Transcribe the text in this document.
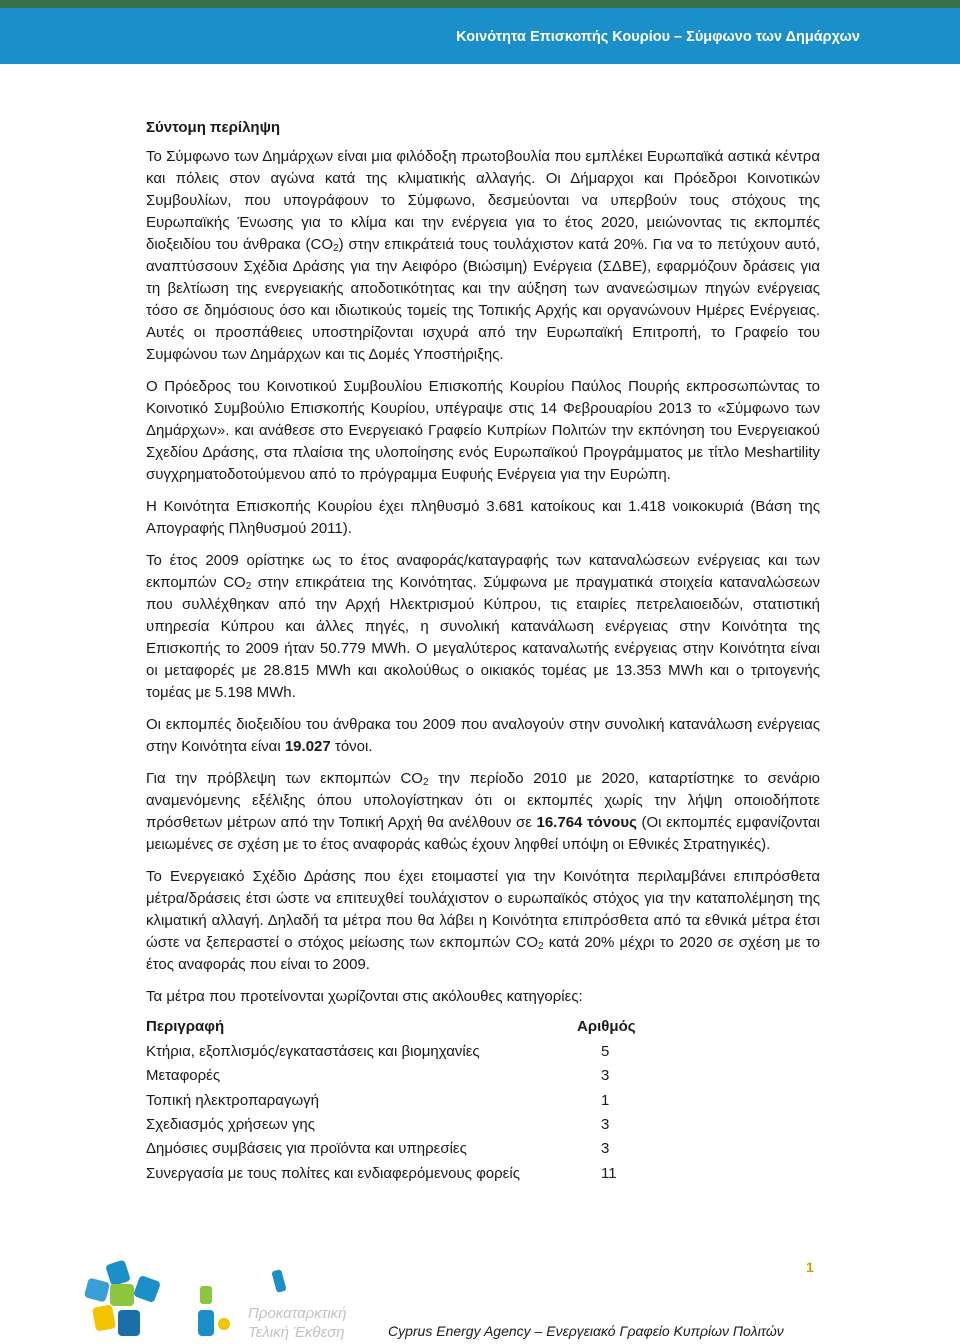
Κοινότητα Επισκοπής Κουρίου – Σύμφωνο των Δημάρχων
Σύντομη περίληψη

Το Σύμφωνο των Δημάρχων είναι μια φιλόδοξη πρωτοβουλία που εμπλέκει Ευρωπαϊκά αστικά κέντρα και πόλεις στον αγώνα κατά της κλιματικής αλλαγής. Οι Δήμαρχοι και Πρόεδροι Κοινοτικών Συμβουλίων, που υπογράφουν το Σύμφωνο, δεσμεύονται να υπερβούν τους στόχους της Ευρωπαϊκής Ένωσης για το κλίμα και την ενέργεια για το έτος 2020, μειώνοντας τις εκπομπές διοξειδίου του άνθρακα $(CO_2)$ στην επικράτειά τους τουλάχιστον κατά 20%. Για να το πετύχουν αυτό, αναπτύσσουν Σχέδια Δράσης για την Αειφόρο (Βιώσιμη) Ενέργεια (ΣΔΒΕ), εφαρμόζουν δράσεις για τη βελτίωση της ενεργειακής αποδοτικότητας και την αύξηση των ανανεώσιμων πηγών ενέργειας τόσο σε δημόσιους όσο και ιδιωτικούς τομείς της Τοπικής Αρχής και οργανώνουν Ημέρες Ενέργειας. Αυτές οι προσπάθειες υποστηρίζονται ισχυρά από την Ευρωπαϊκή Επιτροπή, το Γραφείο του Συμφώνου των Δημάρχων και τις Δομές Υποστήριξης.

Ο Πρόεδρος του Κοινοτικού Συμβουλίου Επισκοπής Κουρίου Παύλος Πουρής εκπροσωπώντας το Κοινοτικό Συμβούλιο Επισκοπής Κουρίου, υπέγραψε στις 14 Φεβρουαρίου 2013 το «Σύμφωνο των Δημάρχων». και ανάθεσε στο Ενεργειακό Γραφείο Κυπρίων Πολιτών την εκπόνηση του Ενεργειακού Σχεδίου Δράσης, στα πλαίσια της υλοποίησης ενός Ευρωπαϊκού Προγράμματος με τίτλο Meshartility συγχρηματοδοτούμενου από το πρόγραμμα Ευφυής Ενέργεια για την Ευρώπη.

Η Κοινότητα Επισκοπής Κουρίου έχει πληθυσμό 3.681 κατοίκους και 1.418 νοικοκυριά (Βάση της Απογραφής Πληθυσμού 2011).

Το έτος 2009 ορίστηκε ως το έτος αναφοράς/καταγραφής των καταναλώσεων ενέργειας και των εκπομπών $CO_2$ στην επικράτεια της Κοινότητας. Σύμφωνα με πραγματικά στοιχεία καταναλώσεων που συλλέχθηκαν από την Αρχή Ηλεκτρισμού Κύπρου, τις εταιρίες πετρελαιοειδών, στατιστική υπηρεσία Κύπρου και άλλες πηγές, η συνολική κατανάλωση ενέργειας στην Κοινότητα της Επισκοπής το 2009 ήταν 50.779 MWh. Ο μεγαλύτερος καταναλωτής ενέργειας στην Κοινότητα είναι οι μεταφορές με 28.815 MWh και ακολούθως ο οικιακός τομέας με 13.353 MWh και ο τριτογενής τομέας με 5.198 MWh.

Οι εκπομπές διοξειδίου του άνθρακα του 2009 που αναλογούν στην συνολική κατανάλωση ενέργειας στην Κοινότητα είναι 19.027 τόνοι.

Για την πρόβλεψη των εκπομπών $CO_2$ την περίοδο 2010 με 2020, καταρτίστηκε το σενάριο αναμενόμενης εξέλιξης όπου υπολογίστηκαν ότι οι εκπομπές χωρίς την λήψη οποιοδήποτε πρόσθετων μέτρων από την Τοπική Αρχή θα ανέλθουν σε 16.764 τόνους (Οι εκπομπές εμφανίζονται μειωμένες σε σχέση με το έτος αναφοράς καθώς έχουν ληφθεί υπόψη οι Εθνικές Στρατηγικές).

Το Ενεργειακό Σχέδιο Δράσης που έχει ετοιμαστεί για την Κοινότητα περιλαμβάνει επιπρόσθετα μέτρα/δράσεις έτσι ώστε να επιτευχθεί τουλάχιστον ο ευρωπαϊκός στόχος για την καταπολέμηση της κλιματική αλλαγή. Δηλαδή τα μέτρα που θα λάβει η Κοινότητα επιπρόσθετα από τα εθνικά μέτρα έτσι ώστε να ξεπεραστεί ο στόχος μείωσης των εκπομπών $CO_2$ κατά 20% μέχρι το 2020 σε σχέση με το έτος αναφοράς που είναι το 2009.

Τα μέτρα που προτείνονται χωρίζονται στις ακόλουθες κατηγορίες:

Περιγραφή	Αριθμός
Κτήρια, εξοπλισμός/εγκαταστάσεις και βιομηχανίες	5
Μεταφορές	3
Τοπική ηλεκτροπαραγωγή	1
Σχεδιασμός χρήσεων γης	3
Δημόσιες συμβάσεις για προϊόντα και υπηρεσίες	3
Συνεργασία με τους πολίτες και ενδιαφερόμενους φορείς	11
Προκαταρκτική
Τελική Έκθεση	Cyprus Energy Agency – Ενεργειακό Γραφείο Κυπρίων Πολιτών
1
